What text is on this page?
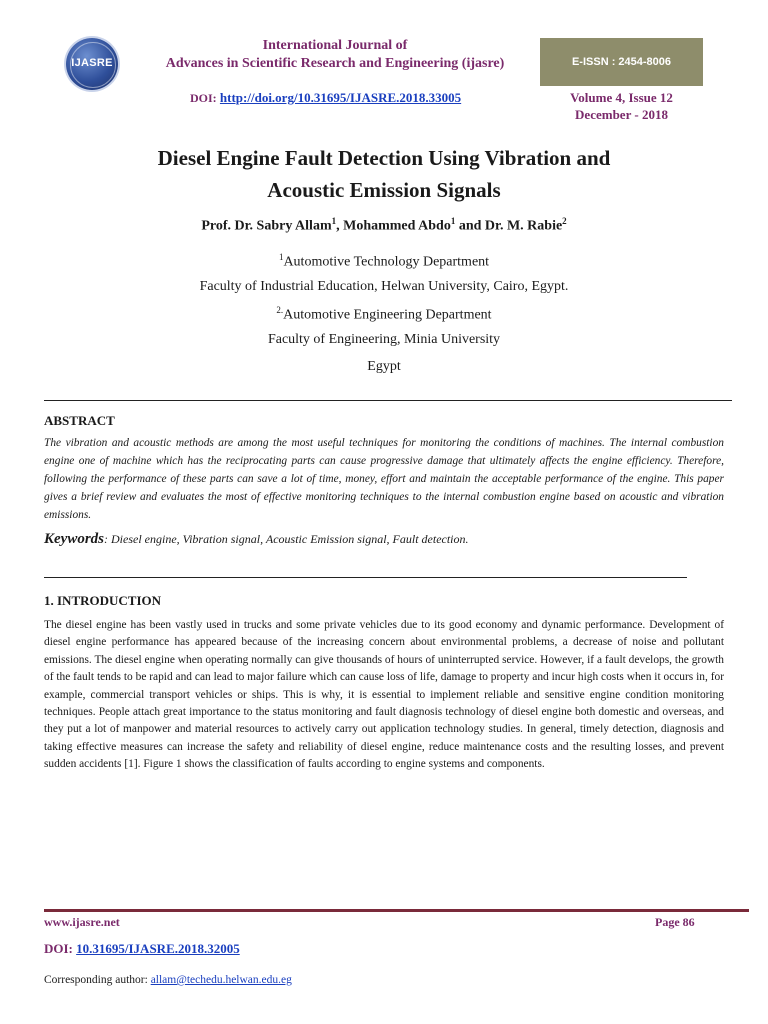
IJASRE
International Journal of
Advances in Scientific Research and Engineering (ijasre)	E-ISSN : 2454-8006
DOI: http://doi.org/10.31695/IJASRE.2018.33005	Volume 4, Issue 12
December - 2018
Diesel Engine Fault Detection Using Vibration and
Acoustic Emission Signals
Prof. Dr. Sabry Allam$^1$, Mohammed Abdo$^1$ and Dr. M. Rabie$^2$
$^1$Automotive Technology Department
Faculty of Industrial Education, Helwan University, Cairo, Egypt.
$^{2.}$Automotive Engineering Department
Faculty of Engineering, Minia University
Egypt
ABSTRACT
The vibration and acoustic methods are among the most useful techniques for monitoring the conditions of machines. The internal combustion engine one of machine which has the reciprocating parts can cause progressive damage that ultimately affects the engine efficiency. Therefore, following the performance of these parts can save a lot of time, money, effort and maintain the acceptable performance of the engine. This paper gives a brief review and evaluates the most of effective monitoring techniques to the internal combustion engine based on acoustic and vibration emissions.
Keywords: Diesel engine, Vibration signal, Acoustic Emission signal, Fault detection.
1. INTRODUCTION
The diesel engine has been vastly used in trucks and some private vehicles due to its good economy and dynamic performance. Development of diesel engine performance has appeared because of the increasing concern about environmental problems, a decrease of noise and pollutant emissions. The diesel engine when operating normally can give thousands of hours of uninterrupted service. However, if a fault develops, the growth of the fault tends to be rapid and can lead to major failure which can cause loss of life, damage to property and incur high costs when it occurs in, for example, commercial transport vehicles or ships. This is why, it is essential to implement reliable and sensitive engine condition monitoring techniques. People attach great importance to the status monitoring and fault diagnosis technology of diesel engine both domestic and overseas, and they put a lot of manpower and material resources to actively carry out application technology studies. In general, timely detection, diagnosis and taking effective measures can increase the safety and reliability of diesel engine, reduce maintenance costs and the resulting losses, and prevent sudden accidents [1]. Figure 1 shows the classification of faults according to engine systems and components.
www.ijasre.net	Page 86
DOI: 10.31695/IJASRE.2018.32005
Corresponding author: allam@techedu.helwan.edu.eg
